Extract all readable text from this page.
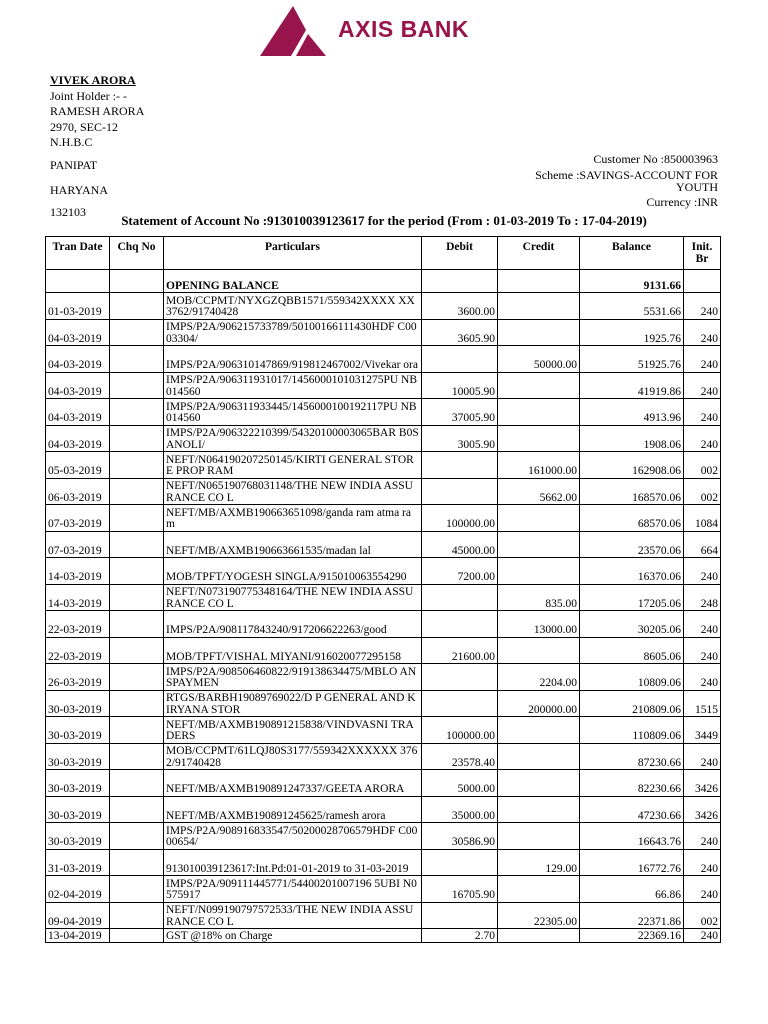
AXIS BANK
VIVEK ARORA
Joint Holder :- -
RAMESH ARORA
2970, SEC-12
N.H.B.C
PANIPAT
HARYANA
132103
Customer No :850003963
Scheme :SAVINGS-ACCOUNT FOR
YOUTH
Currency :INR
Statement of Account No :913010039123617 for the period (From : 01-03-2019 To : 17-04-2019)
Tran Date	Chq No	Particulars	Debit	Credit	Balance	Init. Br
		OPENING BALANCE			9131.66	
01-03-2019		MOB/CCPMT/NYXGZQBB1571/559342XXXX XX3762/91740428	3600.00		5531.66	240
04-03-2019		IMPS/P2A/906215733789/50100166111430HDF C0003304/	3605.90		1925.76	240
04-03-2019		IMPS/P2A/906310147869/919812467002/Vivekar ora		50000.00	51925.76	240
04-03-2019		IMPS/P2A/906311931017/1456000101031275PU NB014560	10005.90		41919.86	240
04-03-2019		IMPS/P2A/906311933445/1456000100192117PU NB014560	37005.90		4913.96	240
04-03-2019		IMPS/P2A/906322210399/54320100003065BAR B0SANOLI/	3005.90		1908.06	240
05-03-2019		NEFT/N064190207250145/KIRTI GENERAL STORE PROP RAM		161000.00	162908.06	002
06-03-2019		NEFT/N065190768031148/THE NEW INDIA ASSURANCE CO L		5662.00	168570.06	002
07-03-2019		NEFT/MB/AXMB190663651098/ganda ram atma ram	100000.00		68570.06	1084
07-03-2019		NEFT/MB/AXMB190663661535/madan lal	45000.00		23570.06	664
14-03-2019		MOB/TPFT/YOGESH SINGLA/915010063554290	7200.00		16370.06	240
14-03-2019		NEFT/N073190775348164/THE NEW INDIA ASSURANCE CO L		835.00	17205.06	248
22-03-2019		IMPS/P2A/908117843240/917206622263/good		13000.00	30205.06	240
22-03-2019		MOB/TPFT/VISHAL MIYANI/916020077295158	21600.00		8605.06	240
26-03-2019		IMPS/P2A/908506460822/919138634475/MBLO ANSPAYMEN		2204.00	10809.06	240
30-03-2019		RTGS/BARBH19089769022/D P GENERAL AND KIRYANA STOR		200000.00	210809.06	1515
30-03-2019		NEFT/MB/AXMB190891215838/VINDVASNI TRADERS	100000.00		110809.06	3449
30-03-2019		MOB/CCPMT/61LQJ80S3177/559342XXXXXX 3762/91740428	23578.40		87230.66	240
30-03-2019		NEFT/MB/AXMB190891247337/GEETA ARORA	5000.00		82230.66	3426
30-03-2019		NEFT/MB/AXMB190891245625/ramesh arora	35000.00		47230.66	3426
30-03-2019		IMPS/P2A/908916833547/50200028706579HDF C0000654/	30586.90		16643.76	240
31-03-2019		913010039123617:Int.Pd:01-01-2019 to 31-03-2019		129.00	16772.76	240
02-04-2019		IMPS/P2A/909111445771/54400201007196 5UBI N0575917	16705.90		66.86	240
09-04-2019		NEFT/N099190797572533/THE NEW INDIA ASSURANCE CO L		22305.00	22371.86	002
13-04-2019		GST @18% on Charge	2.70		22369.16	240
